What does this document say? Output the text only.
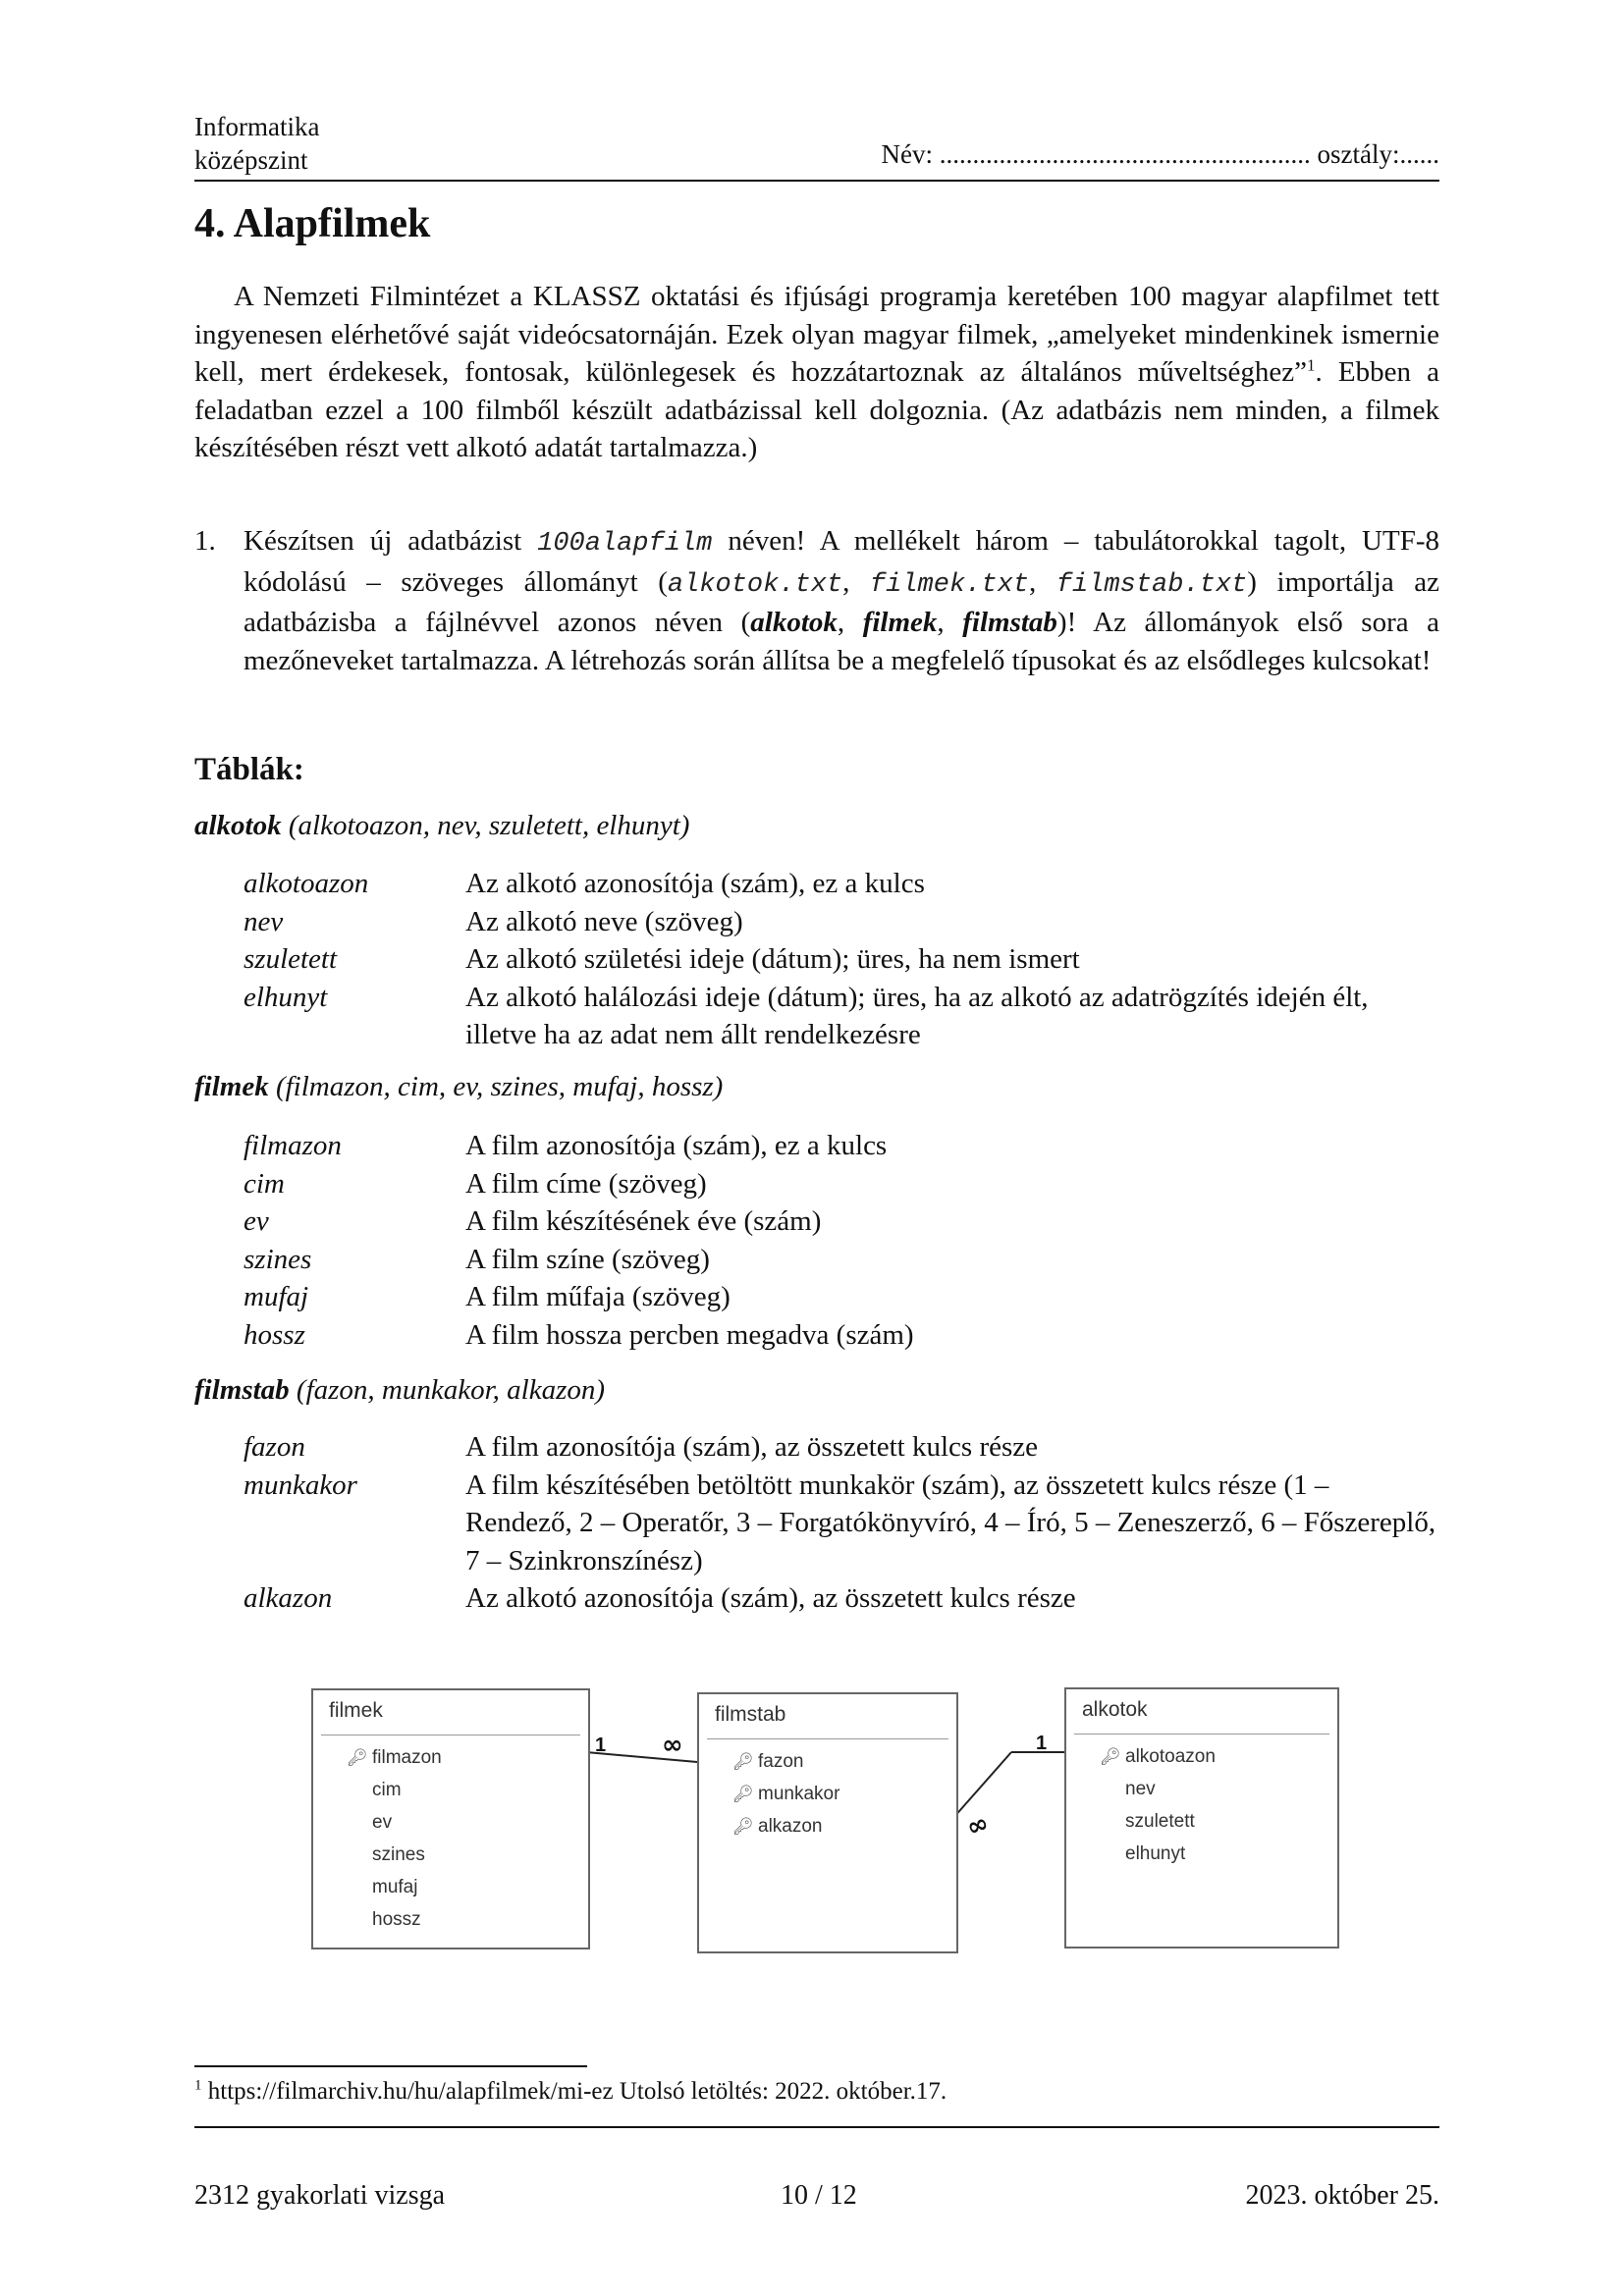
Informatika
középszint	Név: ........................................................ osztály:......
4. Alapfilmek
A Nemzeti Filmintézet a KLASSZ oktatási és ifjúsági programja keretében 100 magyar alapfilmet tett ingyenesen elérhetővé saját videócsatornáján. Ezek olyan magyar filmek, „amelyeket mindenkinek ismernie kell, mert érdekesek, fontosak, különlegesek és hozzátartoznak az általános műveltséghez”$^1$. Ebben a feladatban ezzel a 100 filmből készült adatbázissal kell dolgoznia. (Az adatbázis nem minden, a filmek készítésében részt vett alkotó adatát tartalmazza.)
1. Készítsen új adatbázist 100alapfilm néven! A mellékelt három – tabulátorokkal tagolt, UTF-8 kódolású – szöveges állományt (alkotok.txt, filmek.txt, filmstab.txt) importálja az adatbázisba a fájlnévvel azonos néven (alkotok, filmek, filmstab)! Az állományok első sora a mezőneveket tartalmazza. A létrehozás során állítsa be a megfelelő típusokat és az elsődleges kulcsokat!
Táblák:
alkotok (alkotoazon, nev, szuletett, elhunyt)
alkotoazon	Az alkotó azonosítója (szám), ez a kulcs
nev	Az alkotó neve (szöveg)
szuletett	Az alkotó születési ideje (dátum); üres, ha nem ismert
elhunyt	Az alkotó halálozási ideje (dátum); üres, ha az alkotó az adatrögzítés idején élt, illetve ha az adat nem állt rendelkezésre
filmek (filmazon, cim, ev, szines, mufaj, hossz)
filmazon	A film azonosítója (szám), ez a kulcs
cim	A film címe (szöveg)
ev	A film készítésének éve (szám)
szines	A film színe (szöveg)
mufaj	A film műfaja (szöveg)
hossz	A film hossza percben megadva (szám)
filmstab (fazon, munkakor, alkazon)
fazon	A film azonosítója (szám), az összetett kulcs része
munkakor	A film készítésében betöltött munkakör (szám), az összetett kulcs része (1 – Rendező, 2 – Operatőr, 3 – Forgatókönyvíró, 4 – Író, 5 – Zeneszerző, 6 – Főszereplő, 7 – Szinkronszínész)
alkazon	Az alkotó azonosítója (szám), az összetett kulcs része
1 ∞	1
∞
filmek
🔑︎ filmazon
cim
ev
szines
mufaj
hossz
filmstab
🔑︎ fazon
🔑︎ munkakor
🔑︎ alkazon
alkotok
🔑︎ alkotoazon
nev
szuletett
elhunyt
$^1$ https://filmarchiv.hu/hu/alapfilmek/mi-ez Utolsó letöltés: 2022. október.17.
2312 gyakorlati vizsga	10 / 12	2023. október 25.
